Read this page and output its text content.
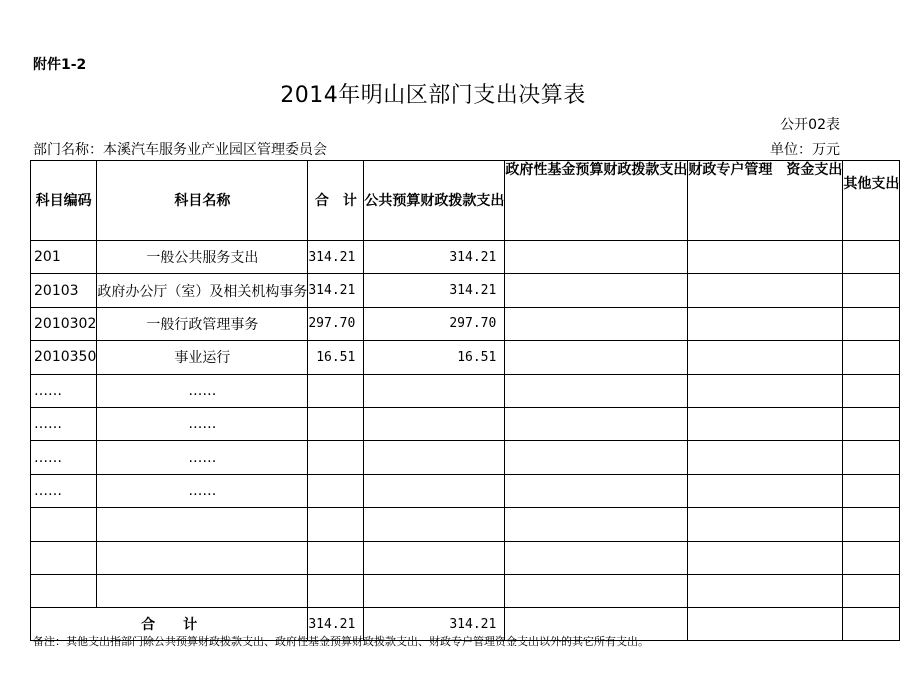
附件1-2
2014年明山区部门支出决算表
公开02表
部门名称：本溪汽车服务业产业园区管理委员会	单位：万元
科目编码	科目名称	合　计	公共预算财政拨款支出	政府性基金预算财政拨款支出	财政专户管理　资金支出	其他支出
201	一般公共服务支出	314.21	314.21			
20103	政府办公厅（室）及相关机构事务	314.21	314.21			
2010302	一般行政管理事务	297.70	297.70			
2010350	事业运行	16.51	16.51			
……	……					
……	……					
……	……					
……	……					

合　　计		314.21	314.21			
备注：其他支出指部门除公共预算财政拨款支出、政府性基金预算财政拨款支出、财政专户管理资金支出以外的其它所有支出。
